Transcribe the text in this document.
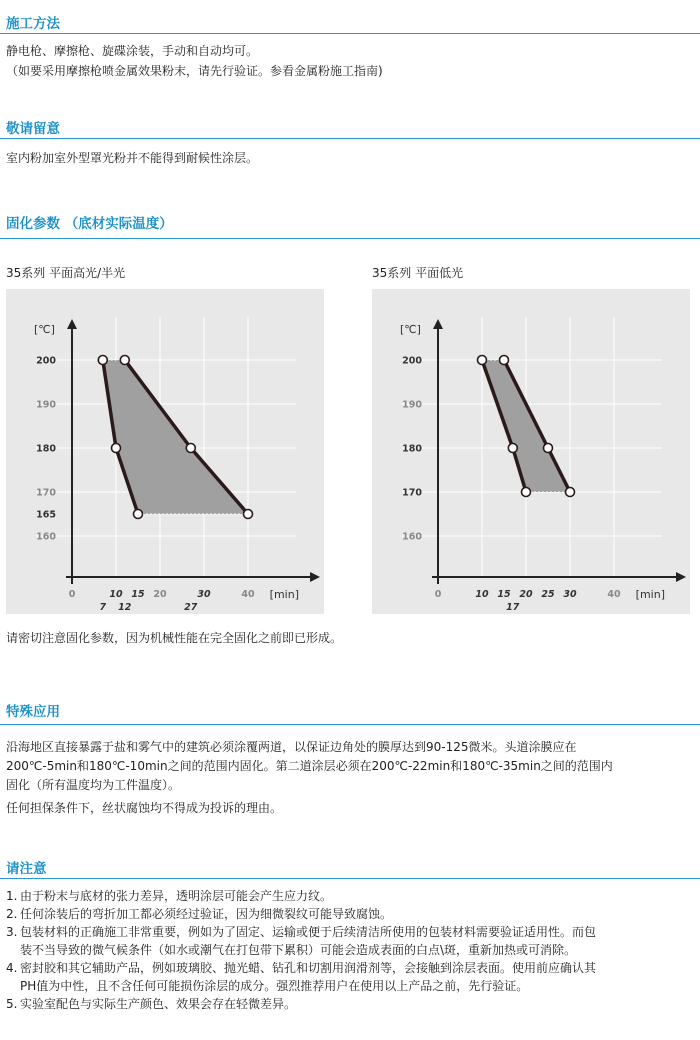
施工方法

静电枪、摩擦枪、旋碟涂装，手动和自动均可。

（如要采用摩擦枪喷金属效果粉末，请先行验证。参看金属粉施工指南)

敬请留意

室内粉加室外型罩光粉并不能得到耐候性涂层。

固化参数 （底材实际温度）
35系列 平面高光/半光
[℃]
200
190
180
170
165
160
0	10 15 20	30	40
7 12	27
[min]
35系列 平面低光
[℃]
200
190
180
170
160
0	10 15 20 25 30	40
17
[min]

请密切注意固化参数，因为机械性能在完全固化之前即已形成。

特殊应用

沿海地区直接暴露于盐和雾气中的建筑必须涂覆两道，以保证边角处的膜厚达到90-125微米。头道涂膜应在

200℃-5min和180℃-10min之间的范围内固化。第二道涂层必须在200℃-22min和180℃-35min之间的范围内

固化（所有温度均为工件温度）。

任何担保条件下，丝状腐蚀均不得成为投诉的理由。

请注意
1. 由于粉末与底材的张力差异，透明涂层可能会产生应力纹。
2. 任何涂装后的弯折加工都必须经过验证，因为细微裂纹可能导致腐蚀。
3. 包装材料的正确施工非常重要，例如为了固定、运输或便于后续清洁所使用的包装材料需要验证适用性。而包
装不当导致的微气候条件（如水或潮气在打包带下累积）可能会造成表面的白点\斑，重新加热或可消除。
4. 密封胶和其它辅助产品，例如玻璃胶、抛光蜡、钻孔和切割用润滑剂等，会接触到涂层表面。使用前应确认其
PH值为中性，且不含任何可能损伤涂层的成分。强烈推荐用户在使用以上产品之前，先行验证。
5. 实验室配色与实际生产颜色、效果会存在轻微差异。
